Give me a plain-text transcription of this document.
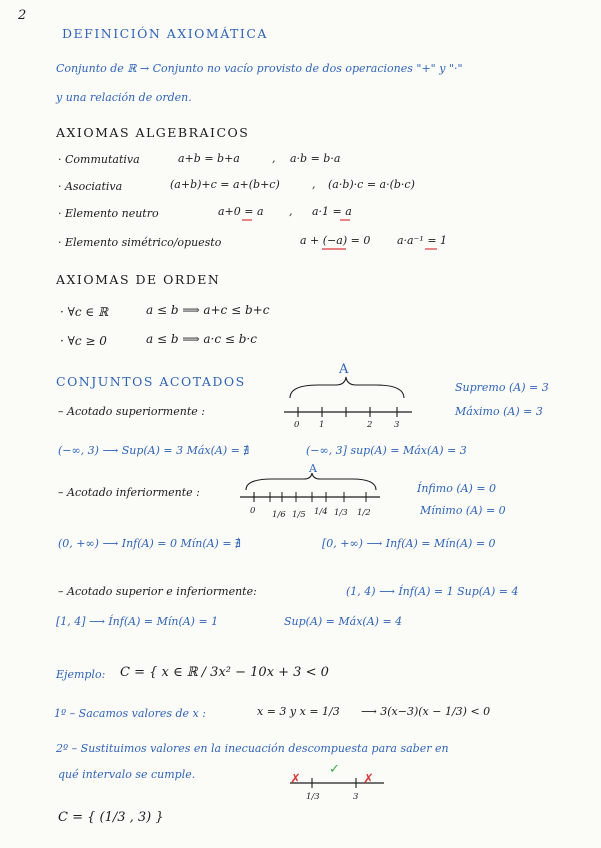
2
DEFINICIÓN AXIOMÁTICA
Conjunto de ℝ → Conjunto no vacío provisto de dos operaciones "+" y "·"
y una relación de orden.
AXIOMAS ALGEBRAICOS
· Commutativa	a+b = b+a	, a·b = b·a
· Asociativa	(a+b)+c = a+(b+c)	, (a·b)·c = a·(b·c)
· Elemento neutro	a+0 = a , a·1 = a
· Elemento simétrico/opuesto	a + (−a) = 0 a·a⁻¹ = 1
AXIOMAS DE ORDEN
· ∀c ∈ ℝ	a ≤ b ⟹ a+c ≤ b+c
· ∀c ≥ 0	a ≤ b ⟹ a·c ≤ b·c
CONJUNTOS ACOTADOS
– Acotado superiormente :
A
0 1	2	3
Supremo (A) = 3
Máximo (A) = 3
(−∞, 3) ⟶ Sup(A) = 3 Máx(A) = ∄	(−∞, 3] sup(A) = Máx(A) = 3
– Acotado inferiormente :
A
0 1/6 1/5 1/4 1/3 1/2
Ínfimo (A) = 0
Mínimo (A) = 0
(0, +∞) ⟶ Inf(A) = 0 Mín(A) = ∄	[0, +∞) ⟶ Inf(A) = Mín(A) = 0
– Acotado superior e inferiormente:	(1, 4) ⟶ Ínf(A) = 1 Sup(A) = 4
[1, 4] ⟶ Ínf(A) = Mín(A) = 1	Sup(A) = Máx(A) = 4
Ejemplo: C = { x ∈ ℝ / 3x² − 10x + 3 < 0
1º – Sacamos valores de x :	x = 3 y x = 1/3 ⟶ 3(x−3)(x − 1/3) < 0
2º – Sustituimos valores en la inecuación descompuesta para saber en
qué intervalo se cumple.	✗
✓
✗
1/3	3
C = { (1/3 , 3) }
